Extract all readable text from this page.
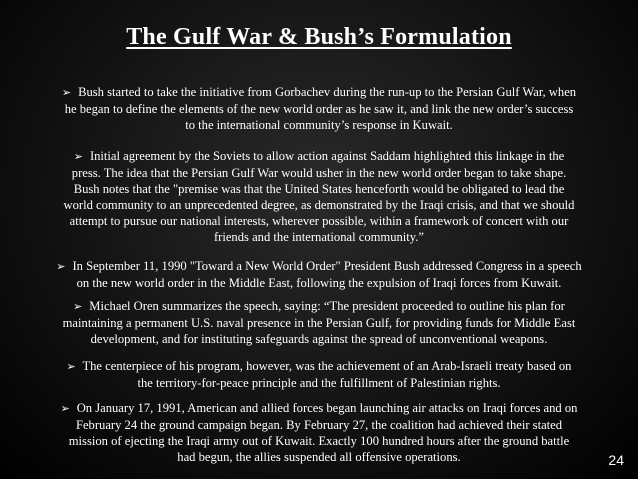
The Gulf War & Bush’s Formulation
➢ Bush started to take the initiative from Gorbachev during the run-up to the Persian Gulf War, when
he began to define the elements of the new world order as he saw it, and link the new order’s success
to the international community’s response in Kuwait.
➢ Initial agreement by the Soviets to allow action against Saddam highlighted this linkage in the
press. The idea that the Persian Gulf War would usher in the new world order began to take shape.
Bush notes that the "premise was that the United States henceforth would be obligated to lead the
world community to an unprecedented degree, as demonstrated by the Iraqi crisis, and that we should
attempt to pursue our national interests, wherever possible, within a framework of concert with our
friends and the international community.”
➢ In September 11, 1990 "Toward a New World Order" President Bush addressed Congress in a speech
on the new world order in the Middle East, following the expulsion of Iraqi forces from Kuwait.
➢ Michael Oren summarizes the speech, saying: “The president proceeded to outline his plan for
maintaining a permanent U.S. naval presence in the Persian Gulf, for providing funds for Middle East
development, and for instituting safeguards against the spread of unconventional weapons.
➢ The centerpiece of his program, however, was the achievement of an Arab-Israeli treaty based on
the territory-for-peace principle and the fulfillment of Palestinian rights.
➢ On January 17, 1991, American and allied forces began launching air attacks on Iraqi forces and on
February 24 the ground campaign began. By February 27, the coalition had achieved their stated
mission of ejecting the Iraqi army out of Kuwait. Exactly 100 hundred hours after the ground battle
had begun, the allies suspended all offensive operations.	24
